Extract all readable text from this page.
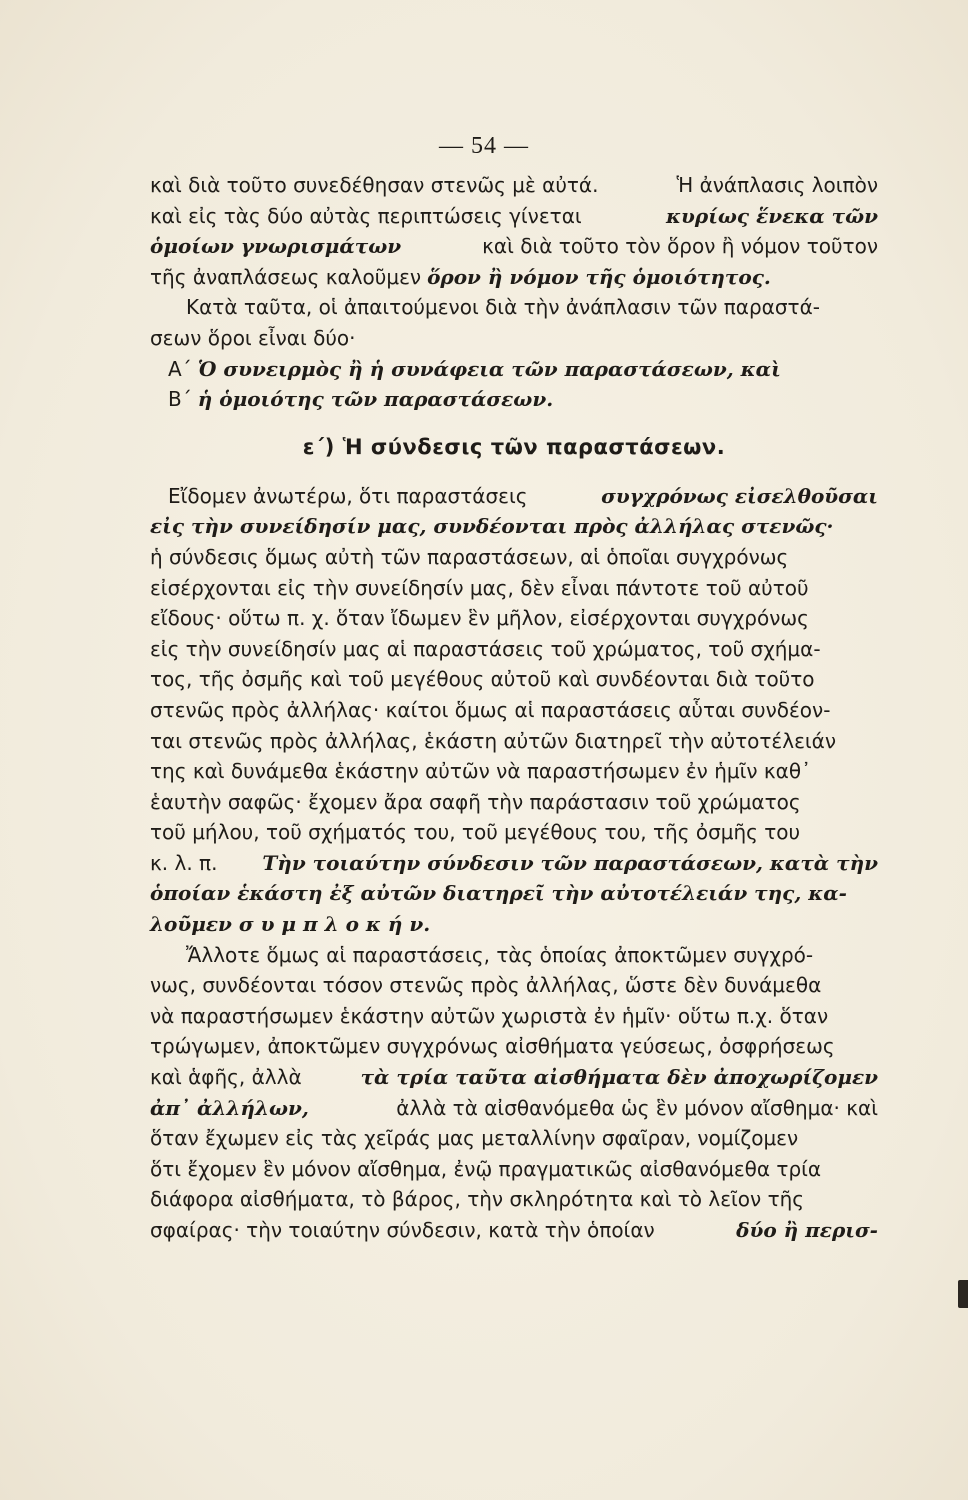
— 54 —
καὶ διὰ τοῦτο συνεδέθησαν στενῶς μὲ αὐτά.	Ἡ ἀνάπλασις λοιπὸν
καὶ εἰς τὰς δύο αὐτὰς περιπτώσεις γίνεται	κυρίως ἕνεκα τῶν
ὁμοίων γνωρισμάτων	καὶ διὰ τοῦτο τὸν ὅρον ἢ νόμον τοῦτον
τῆς ἀναπλάσεως καλοῦμεν ὅρον ἢ νόμον τῆς ὁμοιότητος.
Κατὰ ταῦτα, οἱ ἀπαιτούμενοι διὰ τὴν ἀνάπλασιν τῶν παραστά-
σεων ὅροι εἶναι δύο·
Α΄ Ὁ συνειρμὸς ἢ ἡ συνάφεια τῶν παραστάσεων, καὶ
Β΄ ἡ ὁμοιότης τῶν παραστάσεων.
ε΄) Ἡ σύνδεσις τῶν παραστάσεων.
Εἴδομεν ἀνωτέρω, ὅτι παραστάσεις	συγχρόνως εἰσελθοῦσαι
εἰς τὴν συνείδησίν μας, συνδέονται πρὸς ἀλλήλας στενῶς·
ἡ σύνδεσις ὅμως αὐτὴ τῶν παραστάσεων, αἱ ὁποῖαι συγχρόνως
εἰσέρχονται εἰς τὴν συνείδησίν μας, δὲν εἶναι πάντοτε τοῦ αὐτοῦ
εἴδους· οὕτω π. χ. ὅταν ἴδωμεν ἓν μῆλον, εἰσέρχονται συγχρόνως
εἰς τὴν συνείδησίν μας αἱ παραστάσεις τοῦ χρώματος, τοῦ σχήμα-
τος, τῆς ὀσμῆς καὶ τοῦ μεγέθους αὐτοῦ καὶ συνδέονται διὰ τοῦτο
στενῶς πρὸς ἀλλήλας· καίτοι ὅμως αἱ παραστάσεις αὗται συνδέον-
ται στενῶς πρὸς ἀλλήλας, ἑκάστη αὐτῶν διατηρεῖ τὴν αὐτοτέλειάν
της καὶ δυνάμεθα ἑκάστην αὐτῶν νὰ παραστήσωμεν ἐν ἡμῖν καθ᾽
ἑαυτὴν σαφῶς· ἔχομεν ἄρα σαφῆ τὴν παράστασιν τοῦ χρώματος
τοῦ μήλου, τοῦ σχήματός του, τοῦ μεγέθους του, τῆς ὀσμῆς του
κ. λ. π. Τὴν τοιαύτην σύνδεσιν τῶν παραστάσεων, κατὰ τὴν
ὁποίαν ἑκάστη ἐξ αὐτῶν διατηρεῖ τὴν αὐτοτέλειάν της, κα-
λοῦμεν σ υ μ π λ ο κ ή ν.
Ἄλλοτε ὅμως αἱ παραστάσεις, τὰς ὁποίας ἀποκτῶμεν συγχρό-
νως, συνδέονται τόσον στενῶς πρὸς ἀλλήλας, ὥστε δὲν δυνάμεθα
νὰ παραστήσωμεν ἑκάστην αὐτῶν χωριστὰ ἐν ἡμῖν· οὕτω π.χ. ὅταν
τρώγωμεν, ἀποκτῶμεν συγχρόνως αἰσθήματα γεύσεως, ὀσφρήσεως
καὶ ἁφῆς, ἀλλὰ	τὰ τρία ταῦτα αἰσθήματα δὲν ἀποχωρίζομεν
ἀπ᾽ ἀλλήλων,	ἀλλὰ τὰ αἰσθανόμεθα ὡς ἓν μόνον αἴσθημα· καὶ
ὅταν ἔχωμεν εἰς τὰς χεῖράς μας μεταλλίνην σφαῖραν, νομίζομεν
ὅτι ἔχομεν ἓν μόνον αἴσθημα, ἐνῷ πραγματικῶς αἰσθανόμεθα τρία
διάφορα αἰσθήματα, τὸ βάρος, τὴν σκληρότητα καὶ τὸ λεῖον τῆς
σφαίρας· τὴν τοιαύτην σύνδεσιν, κατὰ τὴν ὁποίαν	δύο ἢ περισ-
